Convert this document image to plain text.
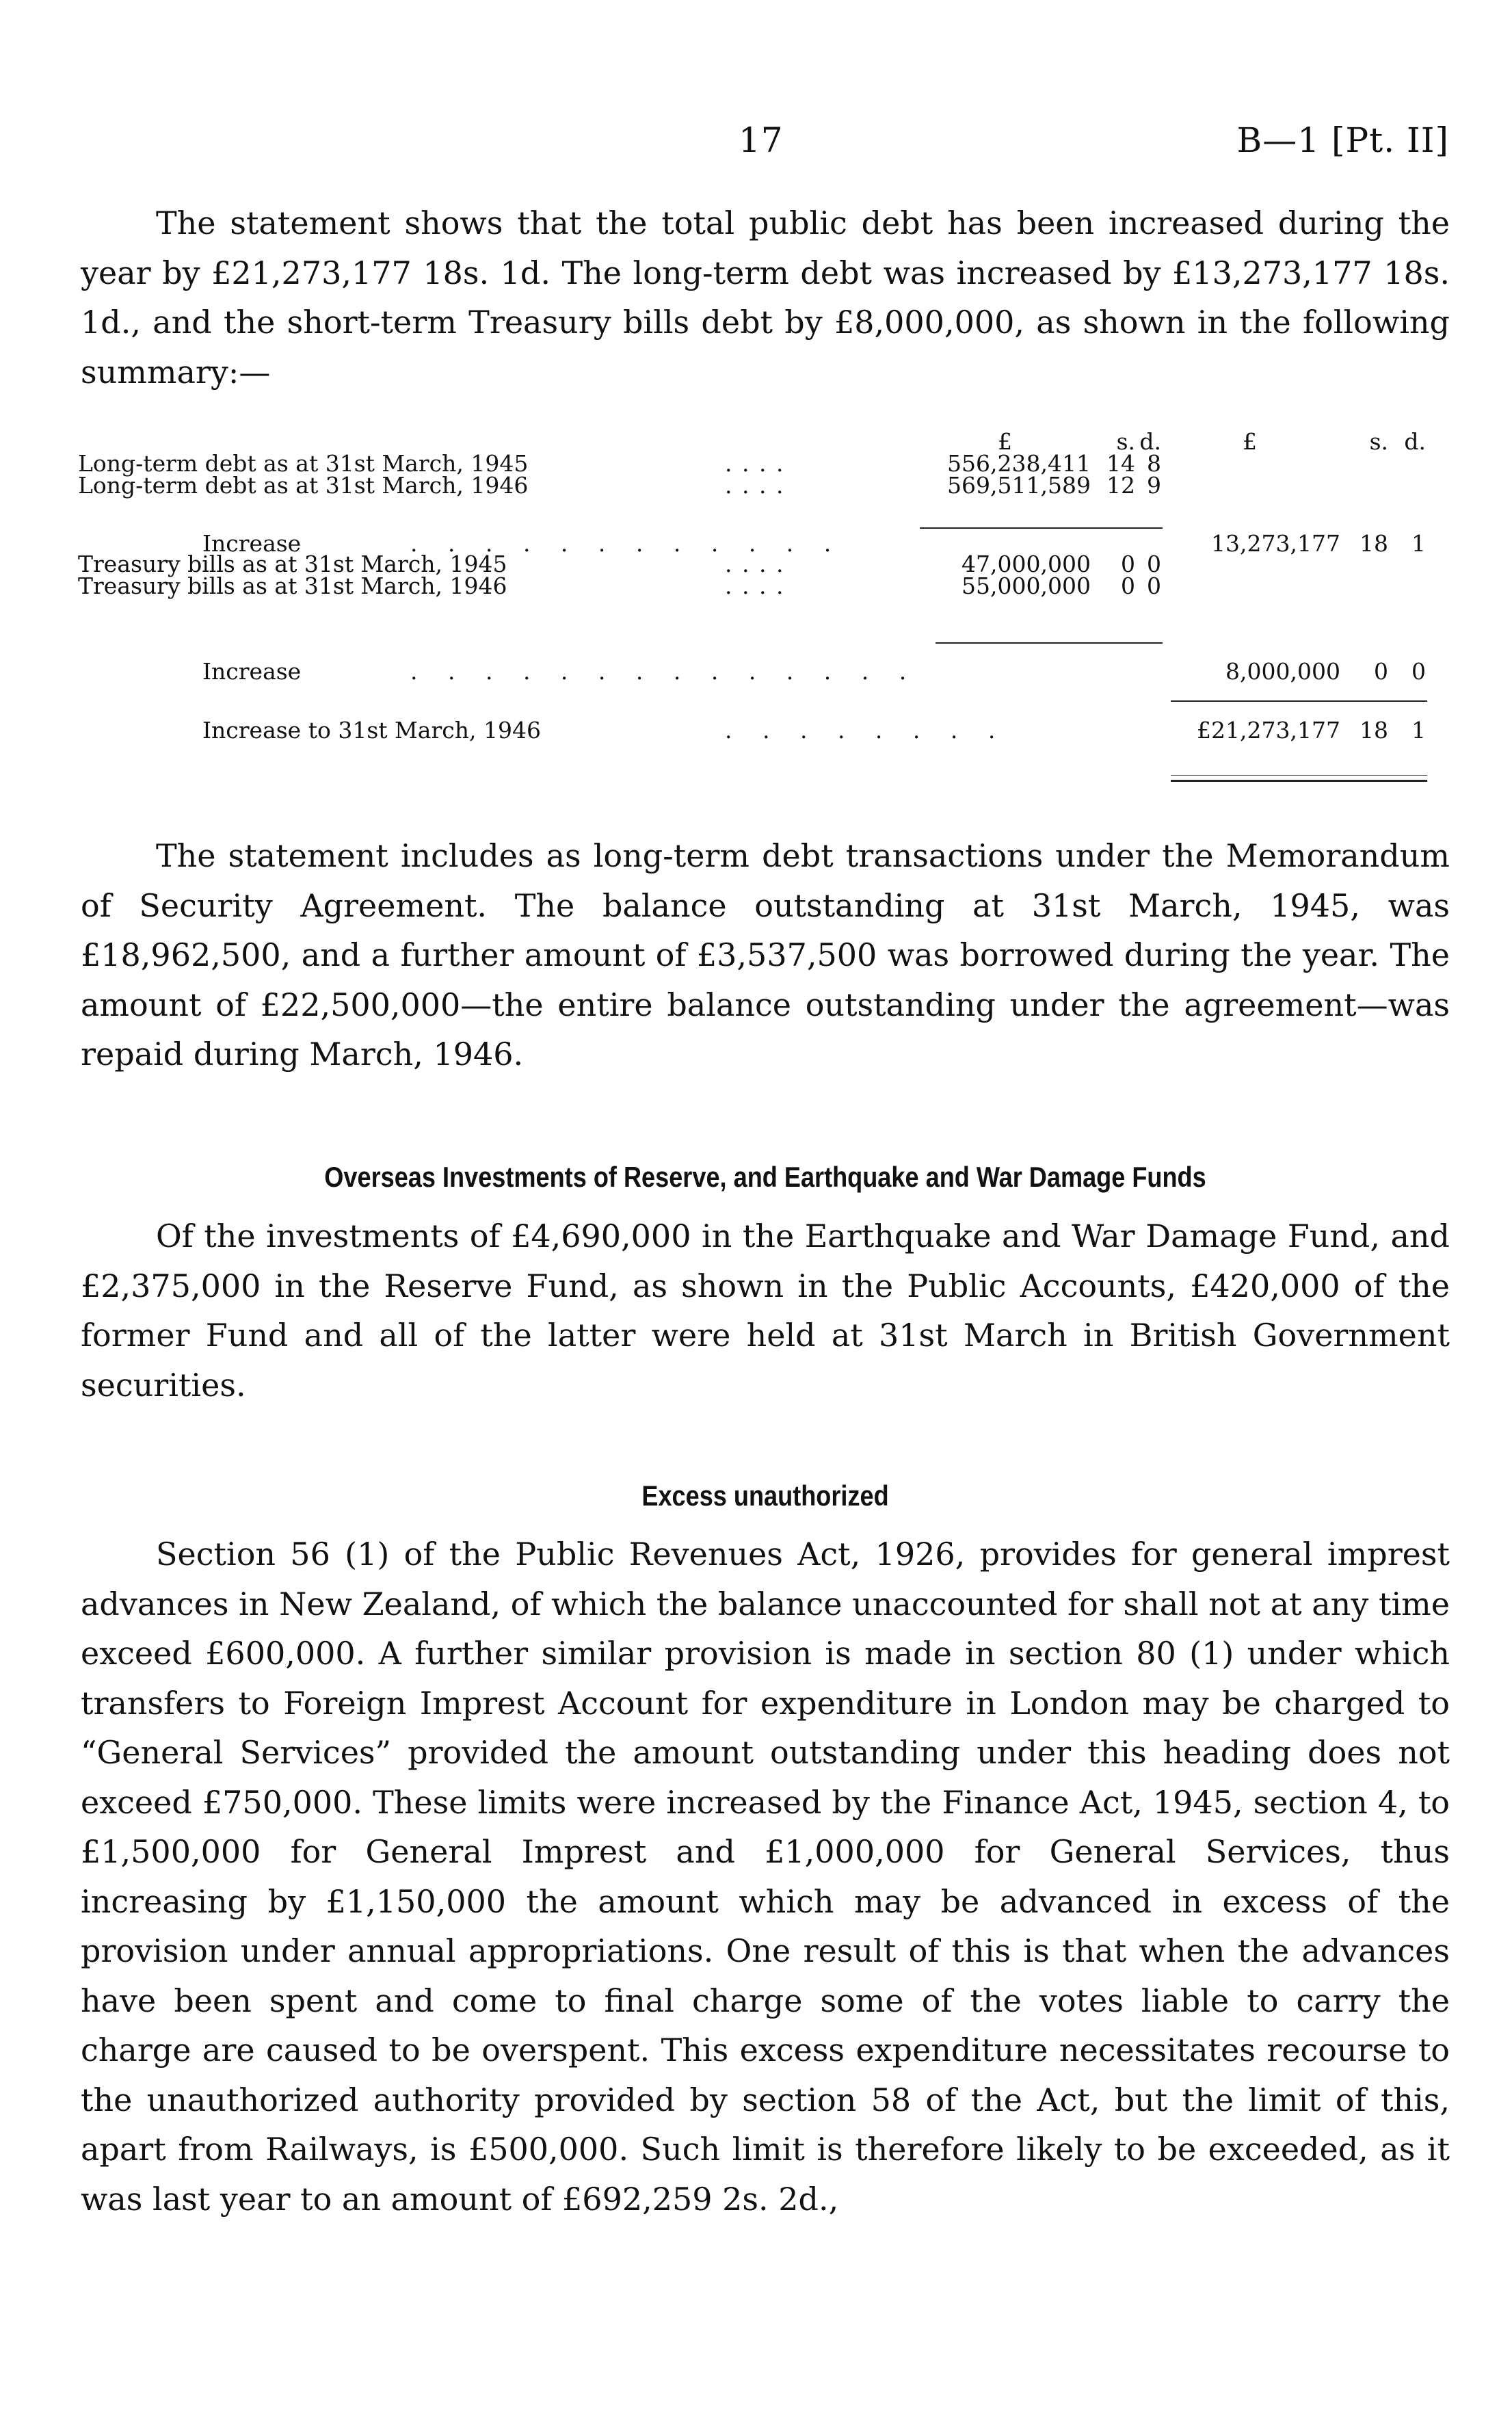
17	B—1 [Pt. II]
The statement shows that the total public debt has been increased during the year by £21,273,177 18s. 1d. The long-term debt was increased by £13,273,177 18s. 1d., and the short-term Treasury bills debt by £8,000,000, as shown in the following summary:—
£	s. d.	£	s. d.
Long-term debt as at 31st March, 1945	. . . .	556,238,411 14 8
Long-term debt as at 31st March, 1946	. . . .	569,511,589 12 9
Increase	. . . . . . . . . . . .	13,273,177 18 1
Treasury bills as at 31st March, 1945	. . . .	47,000,000 0 0
Treasury bills as at 31st March, 1946	. . . .	55,000,000 0 0
Increase	. . . . . . . . . . . . . .	8,000,000 0 0
Increase to 31st March, 1946	. . . . . . . .	£21,273,177 18 1
The statement includes as long-term debt transactions under the Memorandum of Security Agreement. The balance outstanding at 31st March, 1945, was £18,962,500, and a further amount of £3,537,500 was borrowed during the year. The amount of £22,500,000—the entire balance outstanding under the agreement—was repaid during March, 1946.
Overseas Investments of Reserve, and Earthquake and War Damage Funds
Of the investments of £4,690,000 in the Earthquake and War Damage Fund, and £2,375,000 in the Reserve Fund, as shown in the Public Accounts, £420,000 of the former Fund and all of the latter were held at 31st March in British Government securities.
Excess unauthorized
Section 56 (1) of the Public Revenues Act, 1926, provides for general imprest advances in New Zealand, of which the balance unaccounted for shall not at any time exceed £600,000. A further similar provision is made in section 80 (1) under which transfers to Foreign Imprest Account for expenditure in London may be charged to “General Services” provided the amount outstanding under this heading does not exceed £750,000. These limits were increased by the Finance Act, 1945, section 4, to £1,500,000 for General Imprest and £1,000,000 for General Services, thus increasing by £1,150,000 the amount which may be advanced in excess of the provision under annual appropriations. One result of this is that when the advances have been spent and come to final charge some of the votes liable to carry the charge are caused to be overspent. This excess expenditure necessitates recourse to the unauthorized authority provided by section 58 of the Act, but the limit of this, apart from Railways, is £500,000. Such limit is therefore likely to be exceeded, as it was last year to an amount of £692,259 2s. 2d.,
